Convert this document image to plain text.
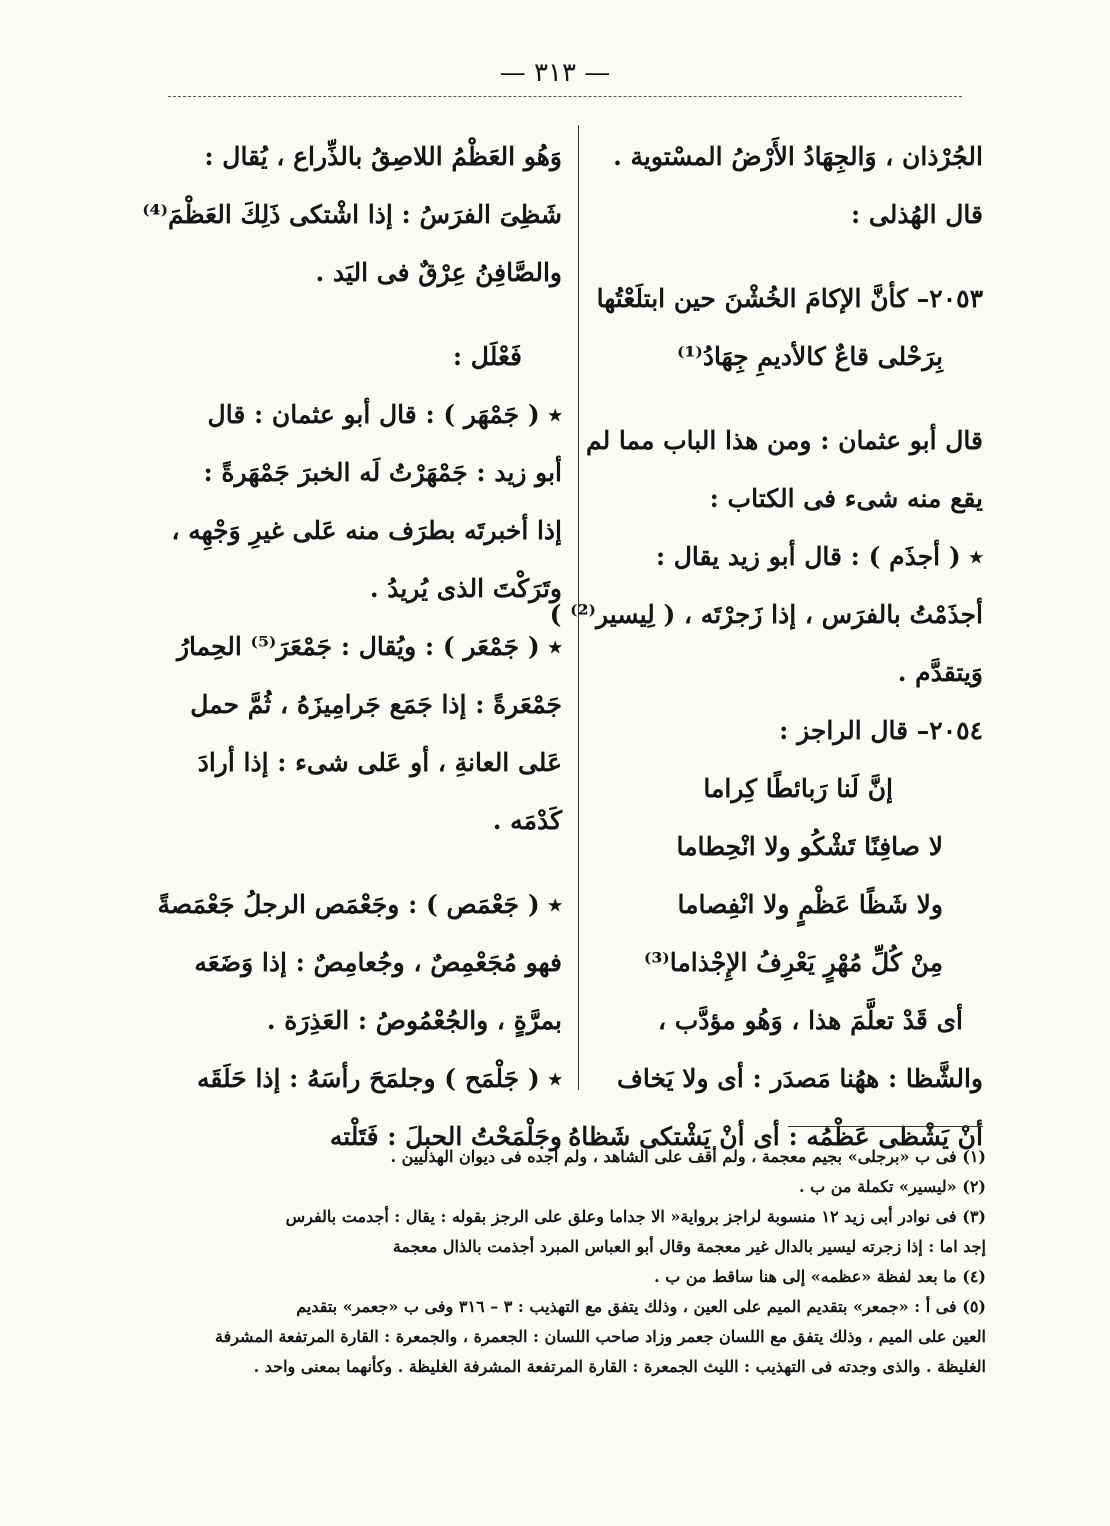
— ٣١٣ —
الجُرْذان ، وَالجِهَادُ الأَرْضُ المسْتوية .
قال الهُذلى :
٢٠٥٣– كأنَّ الإكامَ الخُشْنَ حين ابتلَعْتُها
بِرَحْلى قاعٌ كالأديمِ جِهَادُ⁽¹⁾
قال أبو عثمان : ومن هذا الباب مما لم
يقع منه شىء فى الكتاب :
٭ ( أجذَم ) : قال أبو زيد يقال :
أجذَمْتُ بالفرَس ، إذا زَجرْتَه ، ( لِيسير⁽²⁾ )
وَيتقدَّم .
٢٠٥٤– قال الراجز :
إنَّ لَنا رَبائطًا كِراما
لا صافِنًا تَشْكُو ولا انْحِطاما
ولا شَظًا عَظْمٍ ولا انْفِصاما
مِنْ كُلِّ مُهْرٍ يَعْرِفُ الإِجْذاما⁽³⁾
أى قَدْ تعلَّمَ هذا ، وَهُو مؤدَّب ،
والشَّظا : ههُنا مَصدَر : أى ولا يَخاف
أنْ يَشْظى عَظْمُه : أى أنْ يَشْتكى شَظاهُ
وَهُو العَظْمُ اللاصِقُ بالذِّراع ، يُقال :
شَظِىَ الفرَسُ : إذا اشْتكى ذَلِكَ العَظْمَ⁽⁴⁾
والصَّافِنُ عِرْقٌ فى اليَد .
فَعْلَل :
٭ ( جَمْهَر ) : قال أبو عثمان : قال
أبو زيد : جَمْهَرْتُ لَه الخبرَ جَمْهَرةً :
إذا أخبرتَه بطرَف منه عَلى غيرِ وَجْهِه ،
وتَرَكْتَ الذى يُريدُ .
٭ ( جَمْعَر ) : ويُقال : جَمْعَرَ⁽⁵⁾ الحِمارُ
جَمْعَرةً : إذا جَمَع جَرامِيزَهُ ، ثُمَّ حمل
عَلى العانةِ ، أو عَلى شىء : إذا أرادَ
كَدْمَه .
٭ ( جَعْمَص ) : وجَعْمَص الرجلُ جَعْمَصةً
فهو مُجَعْمِصٌ ، وجُعامِصٌ : إذا وَضَعَه
بمرَّةٍ ، والجُعْمُوصُ : العَذِرَة .
٭ ( جَلْمَح ) وجلمَحَ رأسَهُ : إذا حَلَقَه
وجَلْمَحْتُ الحبلَ : فَتَلْته
(١) فى ب «برجلى» بجيم معجمة ، ولم أقف على الشاهد ، ولم أجده فى ديوان الهذليين .
(٢) «ليسير» تكملة من ب .
(٣) فى نوادر أبى زيد ١٢ منسوبة لراجز برواية« الا جداما وعلق على الرجز بقوله : يقال : أجدمت بالفرس
إجد اما : إذا زجرته ليسير بالدال غير معجمة وقال أبو العباس المبرد أجذمت بالذال معجمة
(٤) ما بعد لفظة «عظمه» إلى هنا ساقط من ب .
(٥) فى أ : «جمعر» بتقديم الميم على العين ، وذلك يتفق مع التهذيب : ٣ – ٣١٦ وفى ب «جعمر» بتقديم
العين على الميم ، وذلك يتفق مع اللسان جعمر وزاد صاحب اللسان : الجعمرة ، والجمعرة : القارة المرتفعة المشرفة
الغليظة . والذى وجدته فى التهذيب : الليث الجمعرة : القارة المرتفعة المشرفة الغليظة . وكأنهما بمعنى واحد .
